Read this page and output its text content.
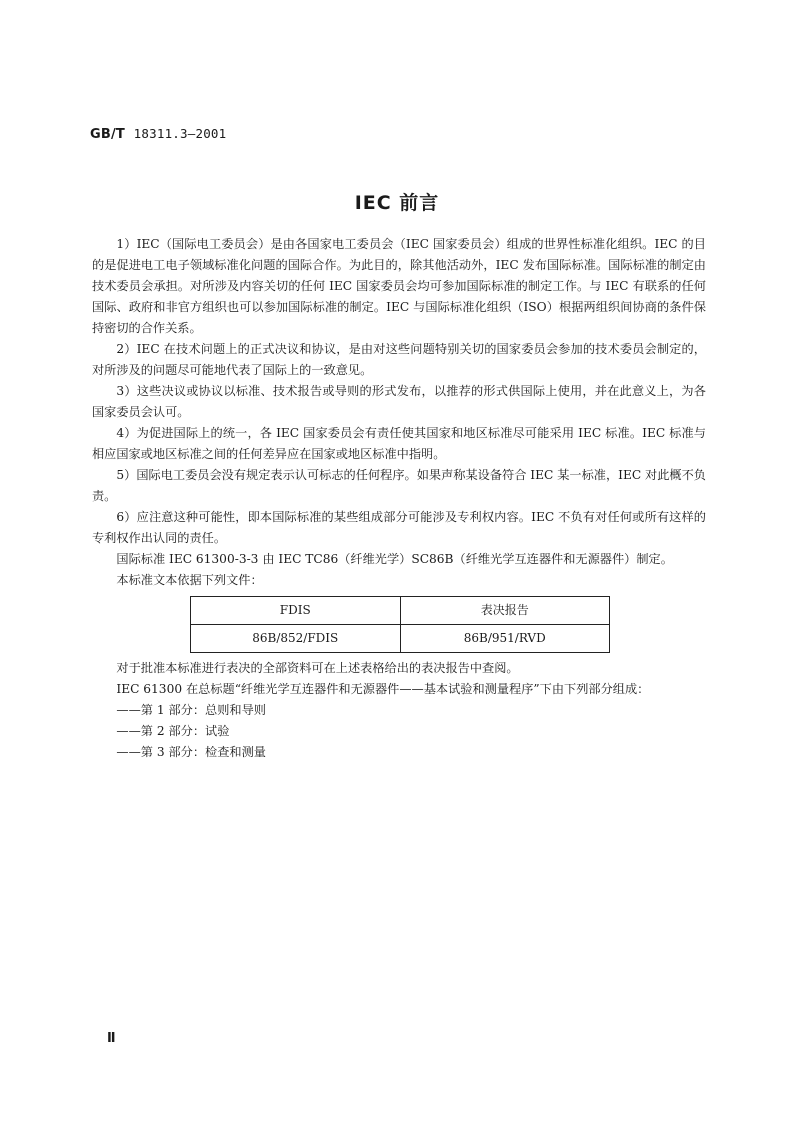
GB/T 18311.3—2001
IEC 前言

1）IEC（国际电工委员会）是由各国家电工委员会（IEC 国家委员会）组成的世界性标准化组织。IEC 的目的是促进电工电子领域标准化问题的国际合作。为此目的，除其他活动外，IEC 发布国际标准。国际标准的制定由技术委员会承担。对所涉及内容关切的任何 IEC 国家委员会均可参加国际标准的制定工作。与 IEC 有联系的任何国际、政府和非官方组织也可以参加国际标准的制定。IEC 与国际标准化组织（ISO）根据两组织间协商的条件保持密切的合作关系。

2）IEC 在技术问题上的正式决议和协议，是由对这些问题特别关切的国家委员会参加的技术委员会制定的，对所涉及的问题尽可能地代表了国际上的一致意见。

3）这些决议或协议以标准、技术报告或导则的形式发布，以推荐的形式供国际上使用，并在此意义上，为各国家委员会认可。

4）为促进国际上的统一，各 IEC 国家委员会有责任使其国家和地区标准尽可能采用 IEC 标准。IEC 标准与相应国家或地区标准之间的任何差异应在国家或地区标准中指明。

5）国际电工委员会没有规定表示认可标志的任何程序。如果声称某设备符合 IEC 某一标准，IEC 对此概不负责。

6）应注意这种可能性，即本国际标准的某些组成部分可能涉及专利权内容。IEC 不负有对任何或所有这样的专利权作出认同的责任。

国际标准 IEC 61300-3-3 由 IEC TC86（纤维光学）SC86B（纤维光学互连器件和无源器件）制定。

本标准文本依据下列文件：

FDIS	表决报告
86B/852/FDIS	86B/951/RVD

对于批准本标准进行表决的全部资料可在上述表格给出的表决报告中查阅。

IEC 61300 在总标题“纤维光学互连器件和无源器件——基本试验和测量程序”下由下列部分组成：

——第 1 部分：总则和导则

——第 2 部分：试验

——第 3 部分：检查和测量

Ⅱ
